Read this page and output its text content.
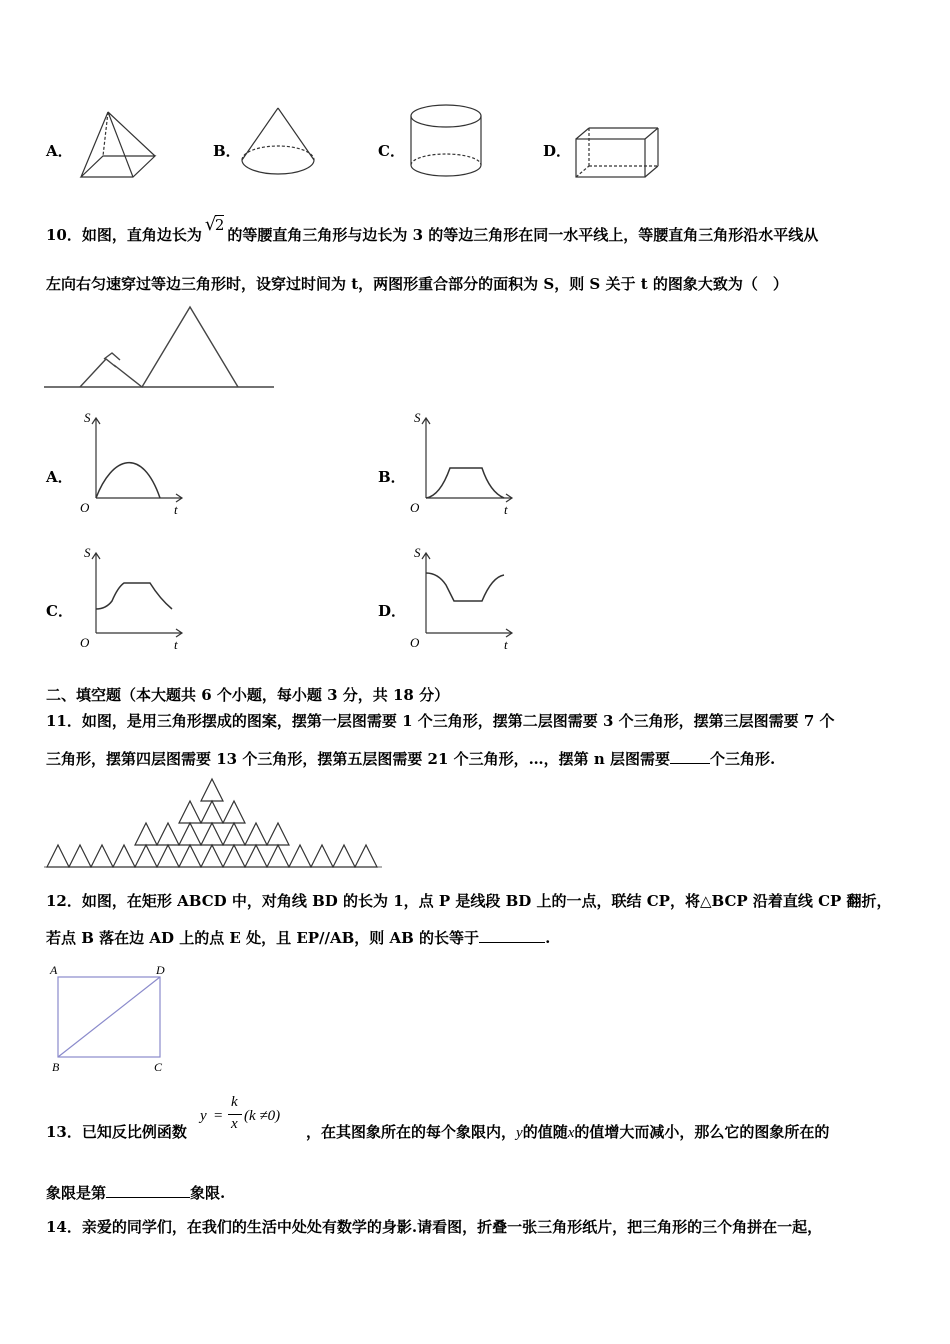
A．	B．	C．	D．
10．如图，直角边长为 √
2的等腰直角三角形与边长为 3 的等边三角形在同一水平线上，等腰直角三角形沿水平线从
左向右匀速穿过等边三角形时，设穿过时间为 t，两图形重合部分的面积为 S，则 S 关于 t 的图象大致为（　）
A．
S
O	t
B．
S
O	t
C．
S
O	t
D．
S
O	t
二、填空题（本大题共 6 个小题，每小题 3 分，共 18 分）
11．如图，是用三角形摆成的图案，摆第一层图需要 1 个三角形，摆第二层图需要 3 个三角形，摆第三层图需要 7 个
三角形，摆第四层图需要 13 个三角形，摆第五层图需要 21 个三角形，…，摆第 n 层图需要	个三角形.
12．如图，在矩形 ABCD 中，对角线 BD 的长为 1，点 P 是线段 BD 上的一点，联结 CP，将△BCP 沿着直线 CP 翻折，
若点 B 落在边 AD 上的点 E 处，且 EP//AB，则 AB 的长等于	.
A	D
B	C
13．已知反比例函数
y =
k
x (k ≠0)
，在其图象所在的每个象限内，y的值随x的值增大而减小，那么它的图象所在的
象限是第	象限.
14．亲爱的同学们，在我们的生活中处处有数学的身影.请看图，折叠一张三角形纸片，把三角形的三个角拼在一起，
